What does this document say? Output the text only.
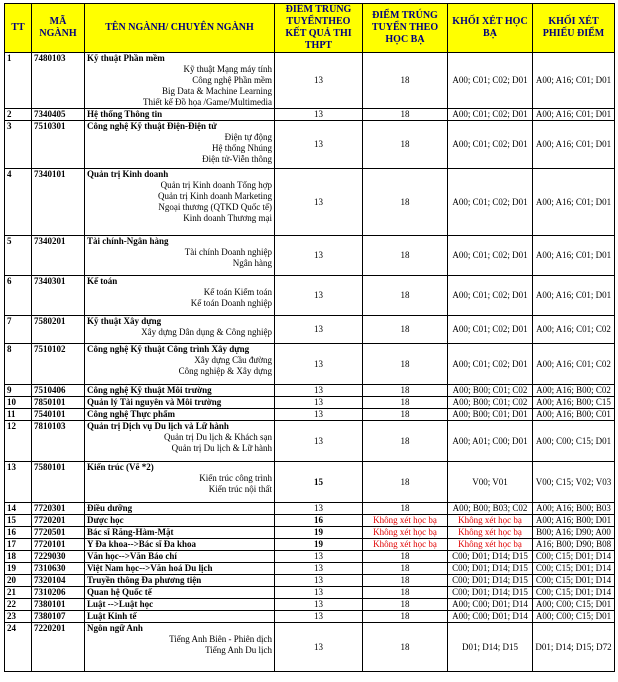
TT	MÃ NGÀNH	TÊN NGÀNH/ CHUYÊN NGÀNH	ĐIỂM TRÚNG TUYỂNTHEO KẾT QUẢ THI THPT	ĐIỂM TRÚNG TUYỂN THEO HỌC BẠ	KHỐI XÉT HỌC BẠ	KHỐI XÉT PHIẾU ĐIỂM
1	7480103	Kỹ thuật Phần mềm
Kỹ thuật Mạng máy tính
Công nghệ Phần mềm
Big Data & Machine Learning
Thiết kế Đồ họa /Game/Multimedia	13	18	A00; C01; C02; D01	A00; A16; C01; D01
2	7340405	Hệ thống Thông tin	13	18	A00; C01; C02; D01	A00; A16; C01; D01
3	7510301	Công nghệ Kỹ thuật Điện-Điện tử
Điện tự động
Hệ thống Nhúng
Điện tử-Viễn thông	13	18	A00; C01; C02; D01	A00; A16; C01; D01
4	7340101	Quản trị Kinh doanh
Quản trị Kinh doanh Tổng hợp
Quản trị Kinh doanh Marketing
Ngoại thương (QTKD Quốc tế)
Kinh doanh Thương mại	13	18	A00; C01; C02; D01	A00; A16; C01; D01
5	7340201	Tài chính-Ngân hàng
Tài chính Doanh nghiệp
Ngân hàng	13	18	A00; C01; C02; D01	A00; A16; C01; D01
6	7340301	Kế toán
Kế toán Kiểm toán
Kế toán Doanh nghiệp	13	18	A00; C01; C02; D01	A00; A16; C01; D01
7	7580201	Kỹ thuật Xây dựng
Xây dựng Dân dụng & Công nghiệp	13	18	A00; C01; C02; D01	A00; A16; C01; C02
8	7510102	Công nghệ Kỹ thuật Công trình Xây dựng
Xây dựng Cầu đường
Công nghiệp & Xây dựng	13	18	A00; C01; C02; D01	A00; A16; C01; C02
9	7510406	Công nghệ Kỹ thuật Môi trường	13	18	A00; B00; C01; C02	A00; A16; B00; C02
10	7850101	Quản lý Tài nguyên và Môi trường	13	18	A00; B00; C01; C02	A00; A16; B00; C15
11	7540101	Công nghệ Thực phẩm	13	18	A00; B00; C01; D01	A00; A16; B00; C01
12	7810103	Quản trị Dịch vụ Du lịch và Lữ hành
Quản trị Du lịch & Khách sạn
Quản trị Du lịch & Lữ hành	13	18	A00; A01; C00; D01	A00; C00; C15; D01
13	7580101	Kiến trúc (Vẽ *2)
Kiến trúc công trình
Kiến trúc nội thất	15	18	V00; V01	V00; C15; V02; V03
14	7720301	Điều dưỡng	13	18	A00; B00; B03; C02	A00; A16; B00; B03
15	7720201	Dược học	16	Không xét học bạ	Không xét học bạ	A00; A16; B00; D01
16	7720501	Bác sĩ Răng-Hàm-Mặt	19	Không xét học bạ	Không xét học bạ	B00; A16; D90; A00
17	7720101	Y Đa khoa-->Bác sĩ Đa khoa	19	Không xét học bạ	Không xét học bạ	A16; B00; D90; B08
18	7229030	Văn học-->Văn Báo chí	13	18	C00; D01; D14; D15	C00; C15; D01; D14
19	7310630	Việt Nam học-->Văn hoá Du lịch	13	18	C00; D01; D14; D15	C00; C15; D01; D14
20	7320104	Truyền thông Đa phương tiện	13	18	C00; D01; D14; D15	C00; C15; D01; D14
21	7310206	Quan hệ Quốc tế	13	18	C00; D01; D14; D15	C00; C15; D01; D14
22	7380101	Luật -->Luật học	13	18	A00; C00; D01; D14	A00; C00; C15; D01
23	7380107	Luật Kinh tế	13	18	A00; C00; D01; D14	A00; C00; C15; D01
24	7220201	Ngôn ngữ Anh
Tiếng Anh Biên - Phiên dịch
Tiếng Anh Du lịch	13	18	D01; D14; D15	D01; D14; D15; D72
